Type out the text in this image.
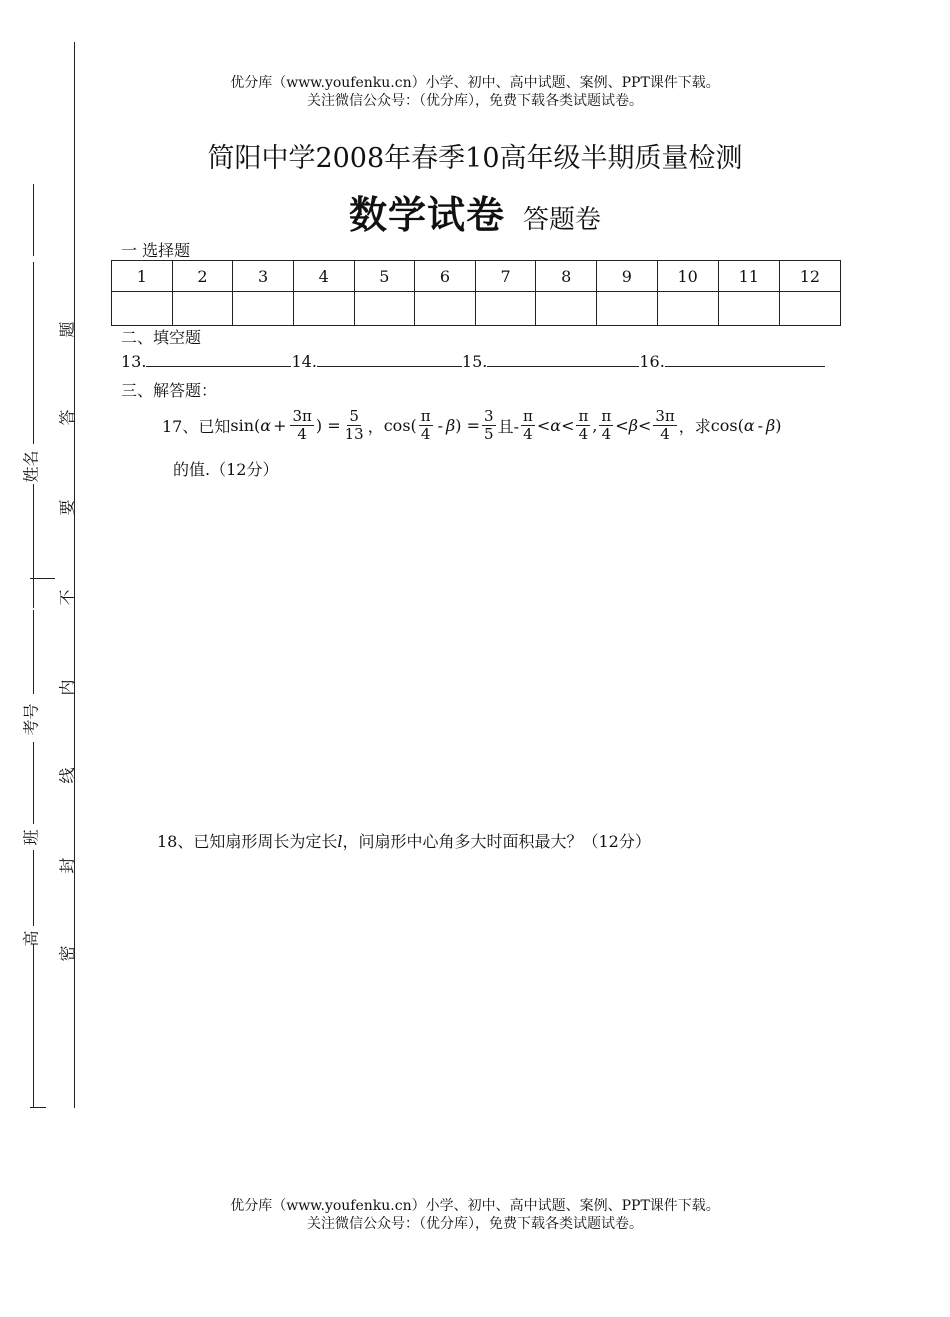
优分库（www.youfenku.cn）小学、初中、高中试题、案例、PPT课件下载。
关注微信公众号：（优分库），免费下载各类试题试卷。
简阳中学2008年春季10高年级半期质量检测
数学试卷 答题卷
一 选择题
1	2	3	4	5	6	7	8	9	10	11	12

二、填空题
13.	14.	15.	16.
三、解答题：
17、已知 sin( $\alpha + \frac{3\pi}{4}$ ) = $\frac{5}{13}$ ， $\cos( \frac{\pi}{4}$ - β ) = $\frac{3}{5}$ 且- $\frac{\pi}{4} < \alpha < \frac{\pi}{4}$ , $\frac{\pi}{4} < \beta < \frac{3\pi}{4}$ ，求 cos( α - β )
的值.（12分）
18、已知扇形周长为定长l，问扇形中心角多大时面积最大？（12分）
姓名
考号
班
高
题
答
要
不
内
线
封
密
优分库（www.youfenku.cn）小学、初中、高中试题、案例、PPT课件下载。
关注微信公众号：（优分库），免费下载各类试题试卷。
